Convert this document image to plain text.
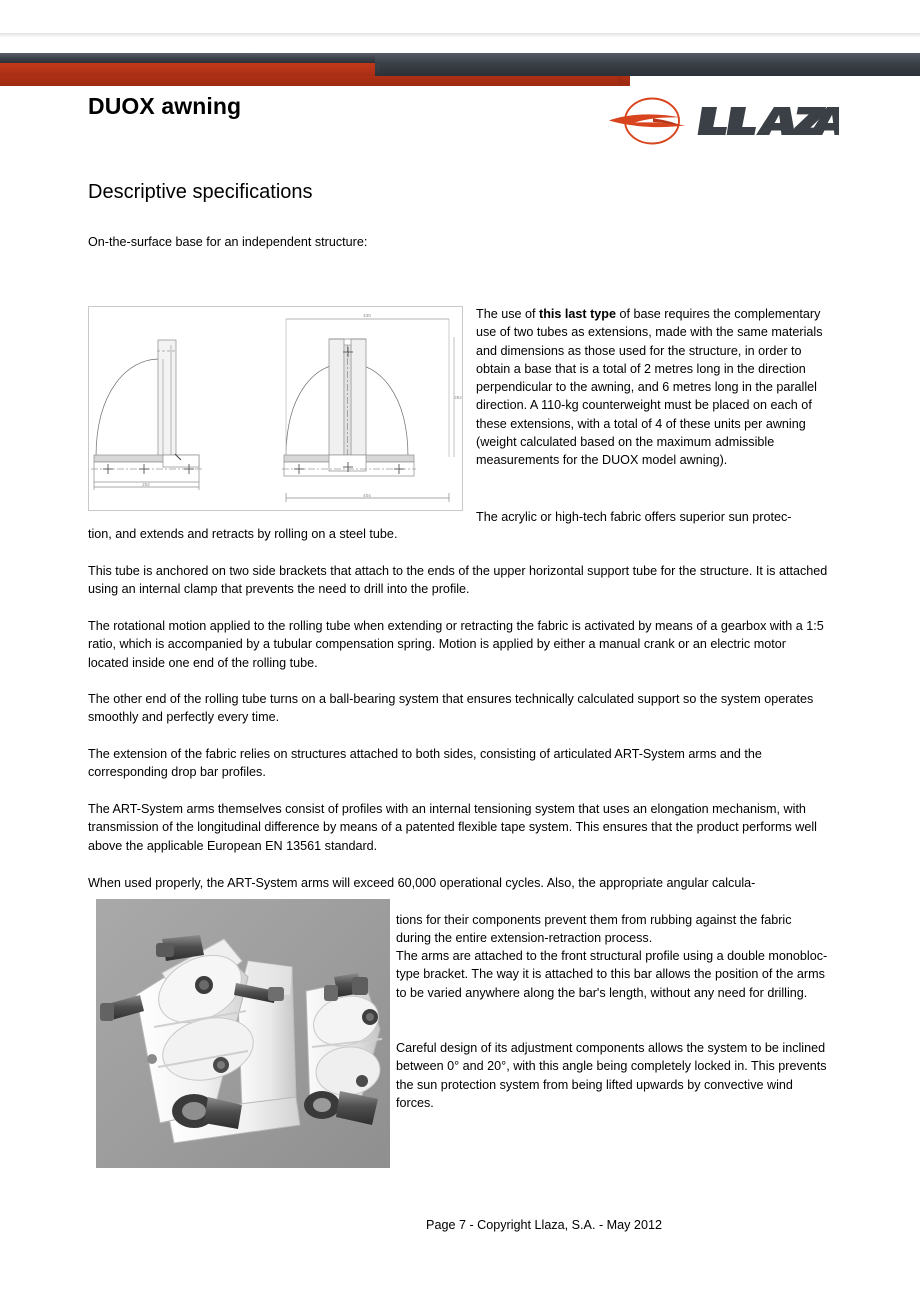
DUOX awning	®
Descriptive specifications
On-the-surface base for an independent structure:
252
430
404
352
The use of this last type of base requires the complementary use of two tubes as extensions, made with the same materials and dimensions as those used for the structure, in order to obtain a base that is a total of 2 metres long in the direction perpendicular to the awning, and 6 metres long in the parallel direction. A 110-kg counterweight must be placed on each of these extensions, with a total of 4 of these units per awning (weight calculated based on the maximum admissible measurements for the DUOX model awning).
The acrylic or high-tech fabric offers superior sun protec-
tion, and extends and retracts by rolling on a steel tube.
This tube is anchored on two side brackets that attach to the ends of the upper horizontal support tube for the structure. It is attached using an internal clamp that prevents the need to drill into the profile.
The rotational motion applied to the rolling tube when extending or retracting the fabric is activated by means of a gearbox with a 1:5 ratio, which is accompanied by a tubular compensation spring. Motion is applied by either a manual crank or an electric motor located inside one end of the rolling tube.
The other end of the rolling tube turns on a ball-bearing system that ensures technically calculated support so the system operates smoothly and perfectly every time.
The extension of the fabric relies on structures attached to both sides, consisting of articulated ART-System arms and the corresponding drop bar profiles.
The ART-System arms themselves consist of profiles with an internal tensioning system that uses an elongation mechanism, with transmission of the longitudinal difference by means of a patented flexible tape system. This ensures that the product performs well above the applicable European EN 13561 standard.
When used properly, the ART-System arms will exceed 60,000 operational cycles. Also, the appropriate angular calcula-
tions for their components prevent them from rubbing against the fabric during the entire extension-retraction process.
The arms are attached to the front structural profile using a double monobloc-type bracket. The way it is attached to this bar allows the position of the arms to be varied anywhere along the bar's length, without any need for drilling.
Careful design of its adjustment components allows the system to be inclined between 0° and 20°, with this angle being completely locked in. This prevents the sun protection system from being lifted upwards by convective wind forces.
Page 7 - Copyright Llaza, S.A. - May 2012
